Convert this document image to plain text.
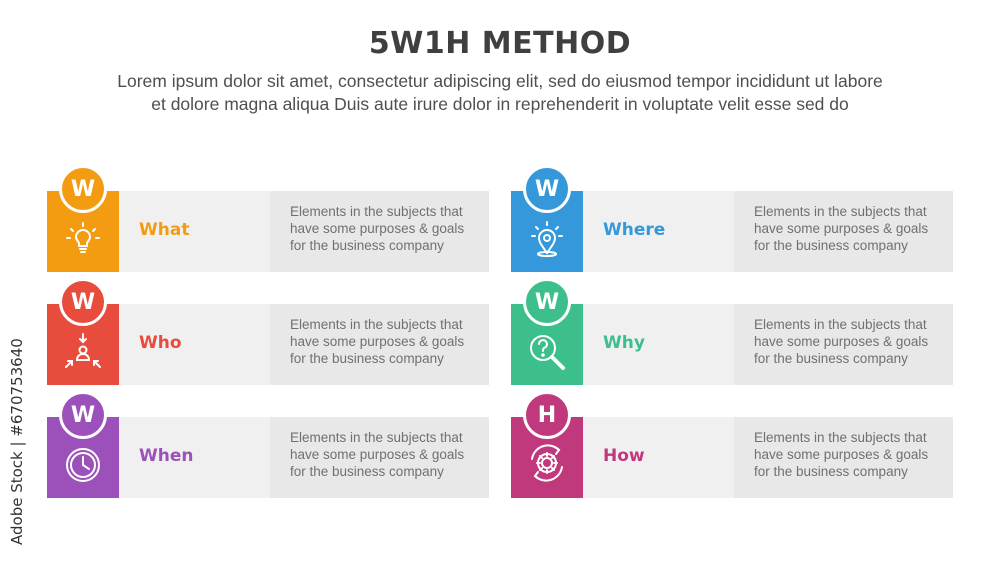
5W1H METHOD
Lorem ipsum dolor sit amet, consectetur adipiscing elit, sed do eiusmod tempor incididunt ut labore
et dolore magna aliqua Duis aute irure dolor in reprehenderit in voluptate velit esse sed do
W
What
Elements in the subjects that
have some purposes & goals
for the business company
W
Who
Elements in the subjects that
have some purposes & goals
for the business company
W
When
Elements in the subjects that
have some purposes & goals
for the business company
W
Where
Elements in the subjects that
have some purposes & goals
for the business company
W
Why
Elements in the subjects that
have some purposes & goals
for the business company
H
How
Elements in the subjects that
have some purposes & goals
for the business company
Adobe Stock | #670753640
